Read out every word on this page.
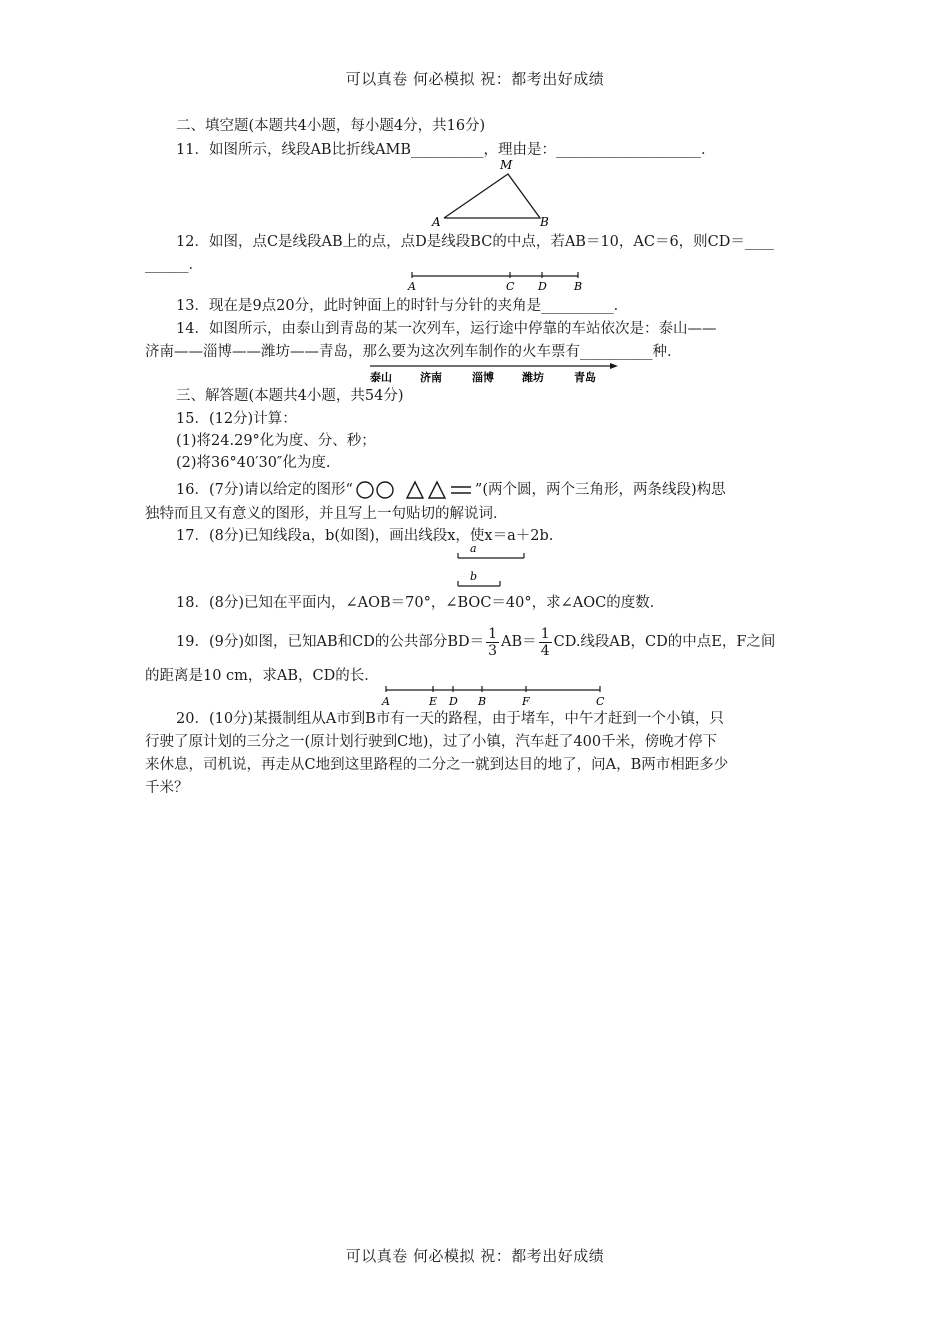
可以真卷 何必模拟 祝：都考出好成绩
二、填空题(本题共4小题，每小题4分，共16分)
11．如图所示，线段AB比折线AMB__________，理由是：____________________．
M
A	B
12．如图，点C是线段AB上的点，点D是线段BC的中点，若AB＝10，AC＝6，则CD＝____
______．
A	C D B
13．现在是9点20分，此时钟面上的时针与分针的夹角是__________．
14．如图所示，由泰山到青岛的某一次列车，运行途中停靠的车站依次是：泰山——
济南——淄博——潍坊——青岛，那么要为这次列车制作的火车票有__________种．
泰山	济南	淄博	潍坊	青岛
三、解答题(本题共4小题，共54分)
15．(12分)计算：
(1)将24.29°化为度、分、秒；
(2)将36°40′30″化为度.
16．(7分)请以给定的图形“	”(两个圆，两个三角形，两条线段)构思
独特而且又有意义的图形，并且写上一句贴切的解说词．
17．(8分)已知线段a，b(如图)，画出线段x，使x＝a＋2b.
a
b
18．(8分)已知在平面内，∠AOB＝70°，∠BOC＝40°，求∠AOC的度数．
19．(9分)如图，已知AB和CD的公共部分$BD= \frac{1}{3} AB= \frac{1}{4}$ CD.线段AB，CD的中点E，F之间
的距离是10 cm，求AB，CD的长．
A	E D B	F	C
20．(10分)某摄制组从A市到B市有一天的路程，由于堵车，中午才赶到一个小镇，只
行驶了原计划的三分之一(原计划行驶到C地)，过了小镇，汽车赶了400千米，傍晚才停下
来休息，司机说，再走从C地到这里路程的二分之一就到达目的地了，问A，B两市相距多少
千米？
可以真卷 何必模拟 祝：都考出好成绩
